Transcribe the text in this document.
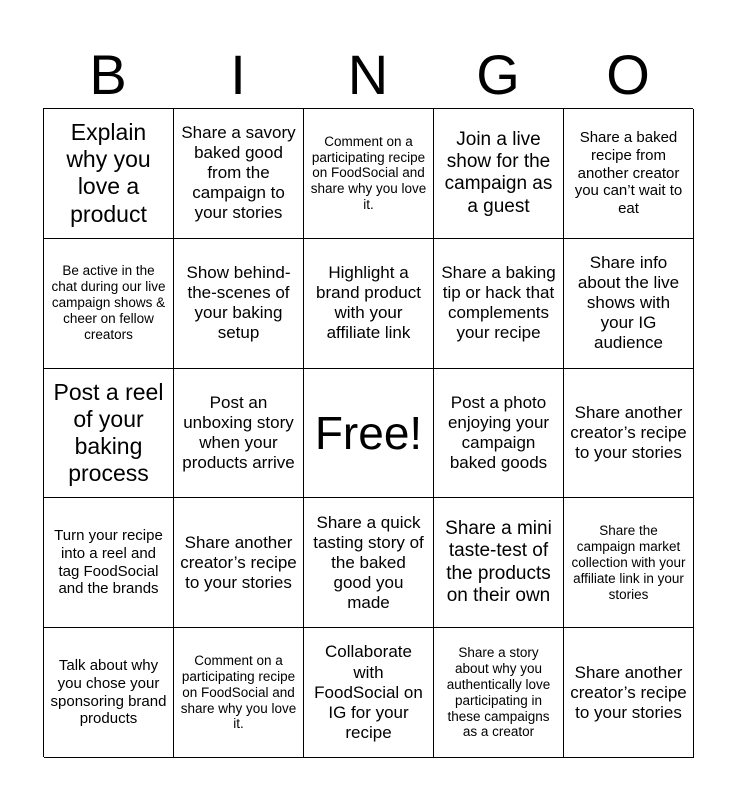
B	I	N	G	O
Explain why you love a product
Share a savory baked good from the campaign to your stories
Comment on a participating recipe on FoodSocial and share why you love it.
Join a live show for the campaign as a guest
Share a baked recipe from another creator you can’t wait to eat
Be active in the chat during our live campaign shows & cheer on fellow creators
Show behind-the-scenes of your baking setup
Highlight a brand product with your affiliate link
Share a baking tip or hack that complements your recipe
Share info about the live shows with your IG audience
Post a reel of your baking process
Post an unboxing story when your products arrive
Free!
Post a photo enjoying your campaign baked goods
Share another creator’s recipe to your stories
Turn your recipe into a reel and tag FoodSocial and the brands
Share another creator’s recipe to your stories
Share a quick tasting story of the baked good you made
Share a mini taste-test of the products on their own
Share the campaign market collection with your affiliate link in your stories
Talk about why you chose your sponsoring brand products
Comment on a participating recipe on FoodSocial and share why you love it.
Collaborate with FoodSocial on IG for your recipe
Share a story about why you authentically love participating in these campaigns as a creator
Share another creator’s recipe to your stories
